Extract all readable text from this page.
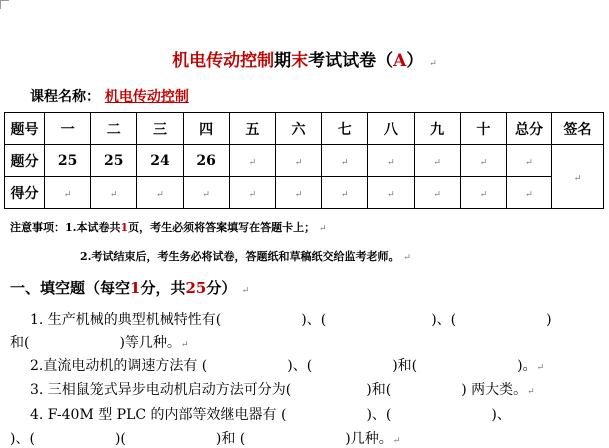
机电传动控制期末考试试卷（A） ↵
课程名称： 机电传动控制
题号	一	二	三	四	五	六	七	八	九	十	总分	签名
题分	25	25	24	26	↵	↵	↵	↵	↵	↵	↵	↵
得分	↵	↵	↵	↵	↵	↵	↵	↵	↵	↵	↵	
注意事项：1.本试卷共1页，考生必须将答案填写在答题卡上； ↵
2.考试结束后，考生务必将试卷，答题纸和草稿纸交给监考老师。 ↵
一、填空题（每空1分，共25分） ↵
1. 生产机械的典型机械特性有(	)、(	)、(	)
和(	)等几种。↵
2.直流电动机的调速方法有 (	)、(	)和(	)。↵
3. 三相鼠笼式异步电动机启动方法可分为(	)和(	) 两大类。↵
4. F-40M 型 PLC 的内部等效继电器有 (	)、(	)、
)、(	)(	)和 (	)几种。↵
